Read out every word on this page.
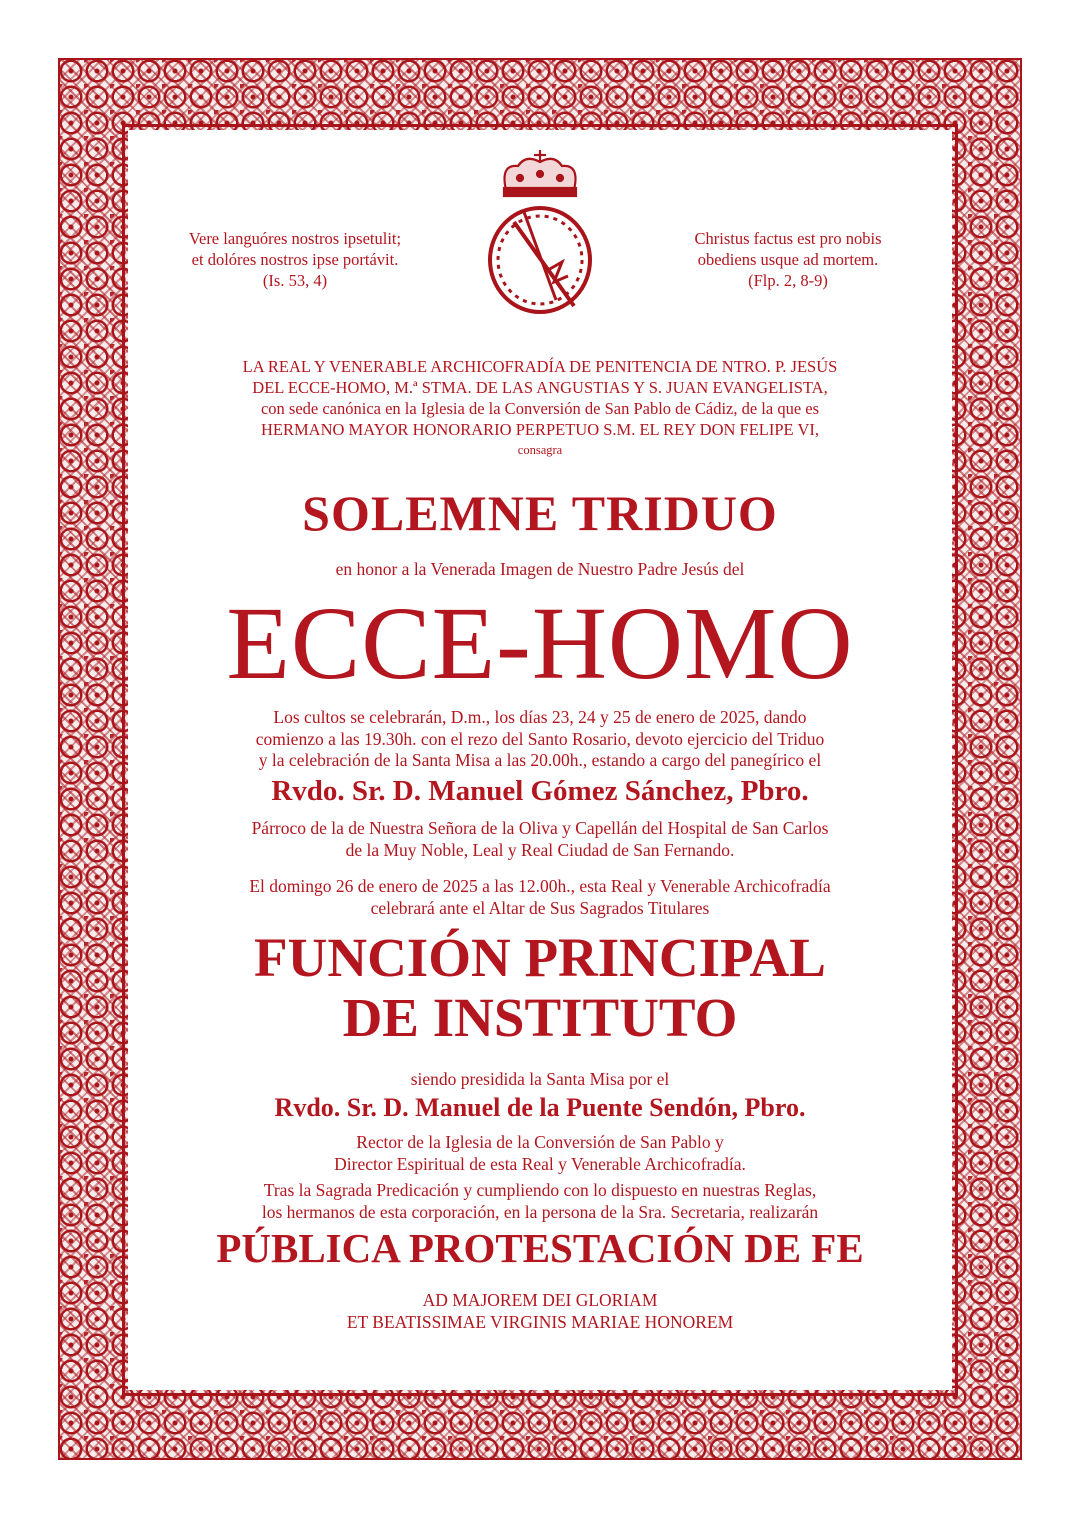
Vere languóres nostros ipsetulit;
et dolóres nostros ipse portávit.
(Is. 53, 4)
Christus factus est pro nobis
obediens usque ad mortem.
(Flp. 2, 8-9)

LA REAL Y VENERABLE ARCHICOFRADÍA DE PENITENCIA DE NTRO. P. JESÚS

DEL ECCE-HOMO, M.ª STMA. DE LAS ANGUSTIAS Y S. JUAN EVANGELISTA,

con sede canónica en la Iglesia de la Conversión de San Pablo de Cádiz, de la que es

HERMANO MAYOR HONORARIO PERPETUO S.M. EL REY DON FELIPE VI,

consagra

SOLEMNE TRIDUO
en honor a la Venerada Imagen de Nuestro Padre Jesús del
ECCE-HOMO

Los cultos se celebrarán, D.m., los días 23, 24 y 25 de enero de 2025, dando

comienzo a las 19.30h. con el rezo del Santo Rosario, devoto ejercicio del Triduo

y la celebración de la Santa Misa a las 20.00h., estando a cargo del panegírico el

Rvdo. Sr. D. Manuel Gómez Sánchez, Pbro.

Párroco de la de Nuestra Señora de la Oliva y Capellán del Hospital de San Carlos

de la Muy Noble, Leal y Real Ciudad de San Fernando.

El domingo 26 de enero de 2025 a las 12.00h., esta Real y Venerable Archicofradía

celebrará ante el Altar de Sus Sagrados Titulares

FUNCIÓN PRINCIPAL

DE INSTITUTO

siendo presidida la Santa Misa por el
Rvdo. Sr. D. Manuel de la Puente Sendón, Pbro.

Rector de la Iglesia de la Conversión de San Pablo y

Director Espiritual de esta Real y Venerable Archicofradía.

Tras la Sagrada Predicación y cumpliendo con lo dispuesto en nuestras Reglas,

los hermanos de esta corporación, en la persona de la Sra. Secretaria, realizarán

PÚBLICA PROTESTACIÓN DE FE

AD MAJOREM DEI GLORIAM

ET BEATISSIMAE VIRGINIS MARIAE HONOREM
